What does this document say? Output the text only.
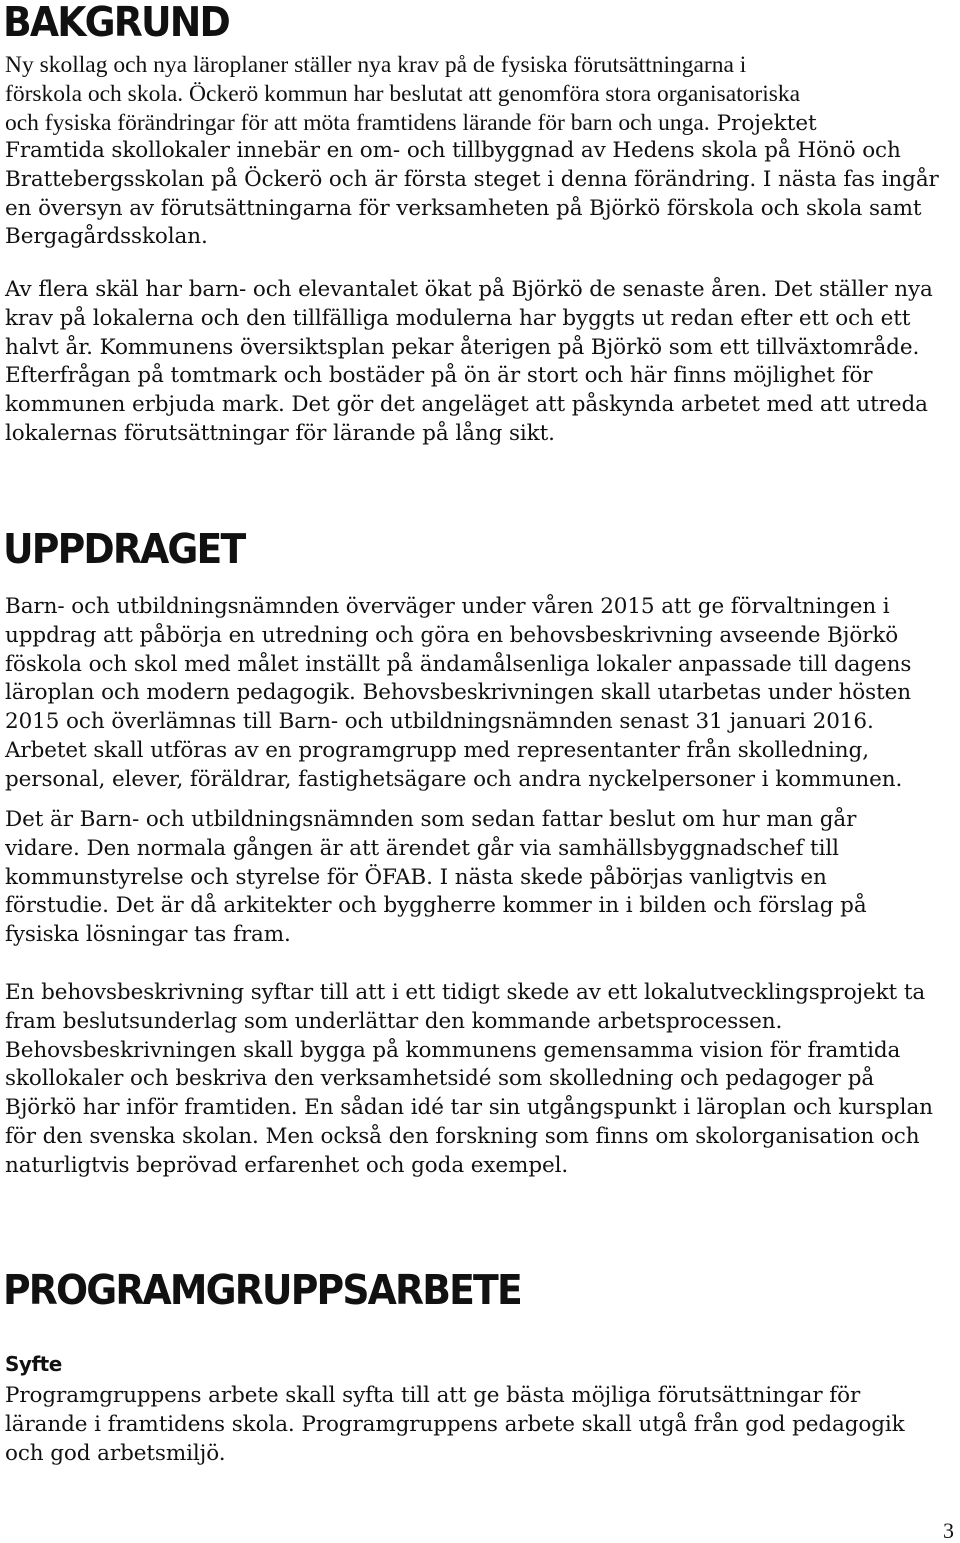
BAKGRUND

Ny skollag och nya läroplaner ställer nya krav på de fysiska förutsättningarna i
förskola och skola. Öckerö kommun har beslutat att genomföra stora organisatoriska
och fysiska förändringar för att möta framtidens lärande för barn och unga. Projektet

Framtida skollokaler innebär en om- och tillbyggnad av Hedens skola på Hönö och
Brattebergsskolan på Öckerö och är första steget i denna förändring. I nästa fas ingår
en översyn av förutsättningarna för verksamheten på Björkö förskola och skola samt
Bergagårdsskolan.

Av flera skäl har barn- och elevantalet ökat på Björkö de senaste åren. Det ställer nya
krav på lokalerna och den tillfälliga modulerna har byggts ut redan efter ett och ett
halvt år. Kommunens översiktsplan pekar återigen på Björkö som ett tillväxtområde.
Efterfrågan på tomtmark och bostäder på ön är stort och här finns möjlighet för
kommunen erbjuda mark. Det gör det angeläget att påskynda arbetet med att utreda
lokalernas förutsättningar för lärande på lång sikt.

UPPDRAGET

Barn- och utbildningsnämnden överväger under våren 2015 att ge förvaltningen i
uppdrag att påbörja en utredning och göra en behovsbeskrivning avseende Björkö
föskola och skol med målet inställt på ändamålsenliga lokaler anpassade till dagens
läroplan och modern pedagogik. Behovsbeskrivningen skall utarbetas under hösten
2015 och överlämnas till Barn- och utbildningsnämnden senast 31 januari 2016.
Arbetet skall utföras av en programgrupp med representanter från skolledning,
personal, elever, föräldrar, fastighetsägare och andra nyckelpersoner i kommunen.

Det är Barn- och utbildningsnämnden som sedan fattar beslut om hur man går
vidare. Den normala gången är att ärendet går via samhällsbyggnadschef till
kommunstyrelse och styrelse för ÖFAB. I nästa skede påbörjas vanligtvis en
förstudie. Det är då arkitekter och byggherre kommer in i bilden och förslag på
fysiska lösningar tas fram.

En behovsbeskrivning syftar till att i ett tidigt skede av ett lokalutvecklingsprojekt ta
fram beslutsunderlag som underlättar den kommande arbetsprocessen.
Behovsbeskrivningen skall bygga på kommunens gemensamma vision för framtida
skollokaler och beskriva den verksamhetsidé som skolledning och pedagoger på
Björkö har inför framtiden. En sådan idé tar sin utgångspunkt i läroplan och kursplan
för den svenska skolan. Men också den forskning som finns om skolorganisation och
naturligtvis beprövad erfarenhet och goda exempel.

PROGRAMGRUPPSARBETE
Syfte

Programgruppens arbete skall syfta till att ge bästa möjliga förutsättningar för
lärande i framtidens skola. Programgruppens arbete skall utgå från god pedagogik
och god arbetsmiljö.

3
